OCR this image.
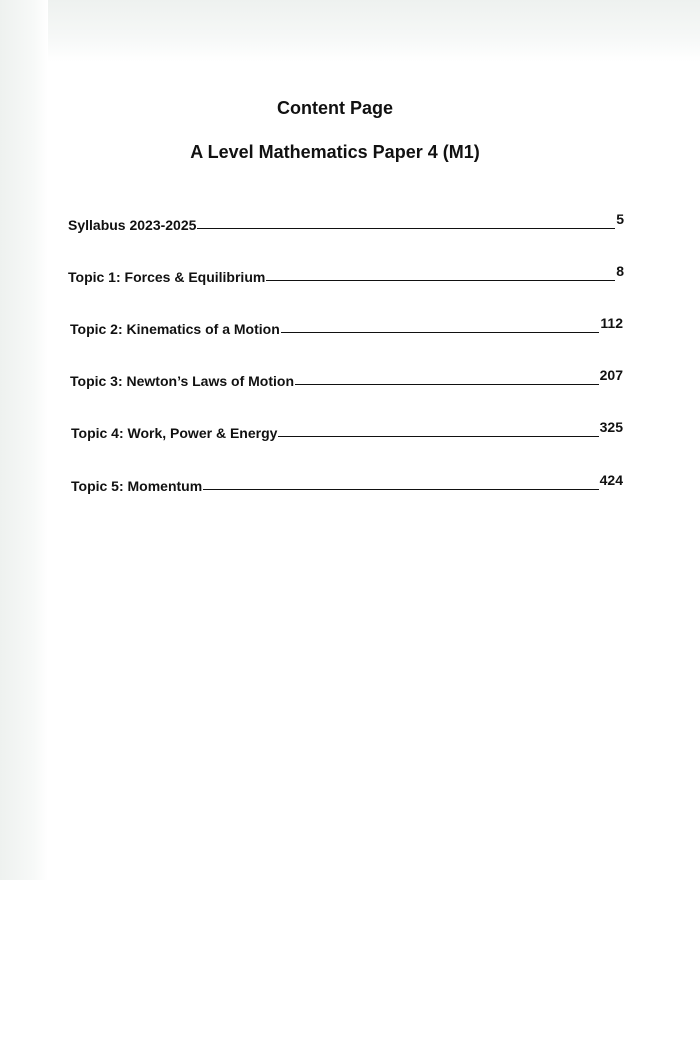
Content Page
A Level Mathematics Paper 4 (M1)
Syllabus 2023-2025	5
Topic 1: Forces & Equilibrium	8
Topic 2: Kinematics of a Motion	112
Topic 3: Newton’s Laws of Motion	207
Topic 4: Work, Power & Energy	325
Topic 5: Momentum	424
